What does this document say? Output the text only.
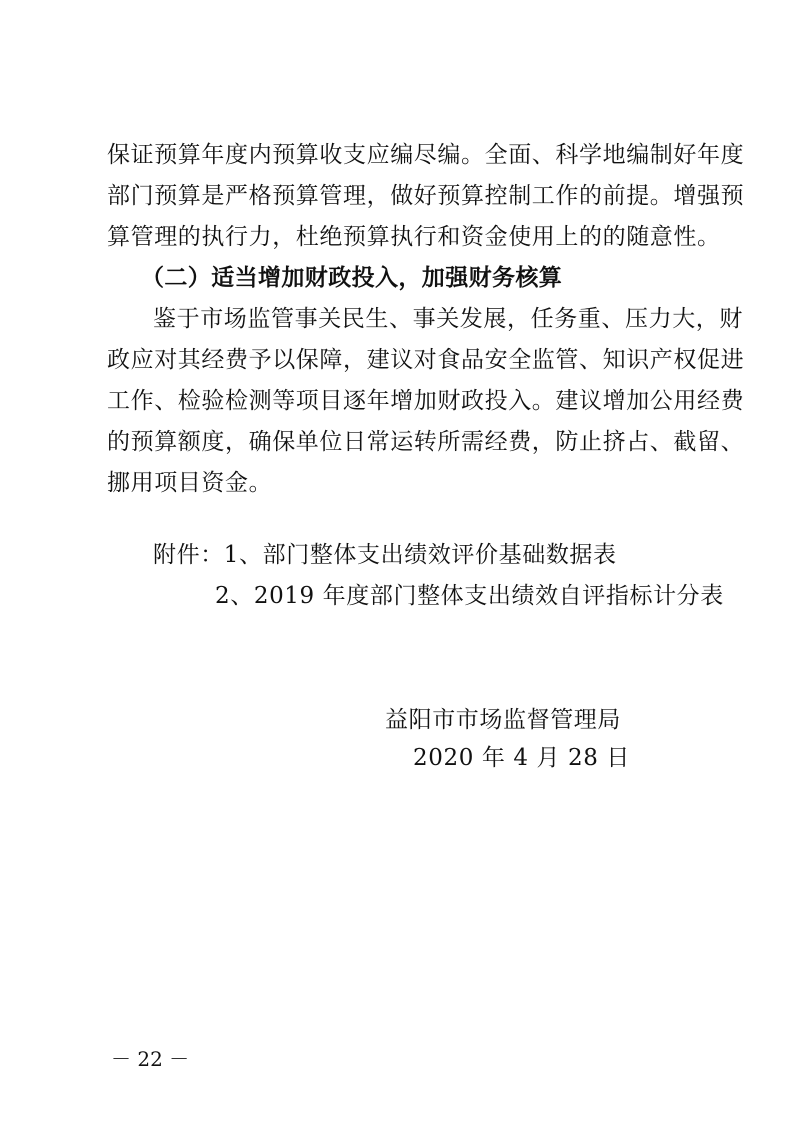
保证预算年度内预算收支应编尽编。全面、科学地编制好年度
部门预算是严格预算管理，做好预算控制工作的前提。增强预
算管理的执行力，杜绝预算执行和资金使用上的的随意性。
（二）适当增加财政投入，加强财务核算
鉴于市场监管事关民生、事关发展，任务重、压力大，财
政应对其经费予以保障，建议对食品安全监管、知识产权促进
工作、检验检测等项目逐年增加财政投入。建议增加公用经费
的预算额度，确保单位日常运转所需经费，防止挤占、截留、
挪用项目资金。
附件：1、部门整体支出绩效评价基础数据表
2、2019 年度部门整体支出绩效自评指标计分表
益阳市市场监督管理局
2020 年 4 月 28 日
－ 22 －
